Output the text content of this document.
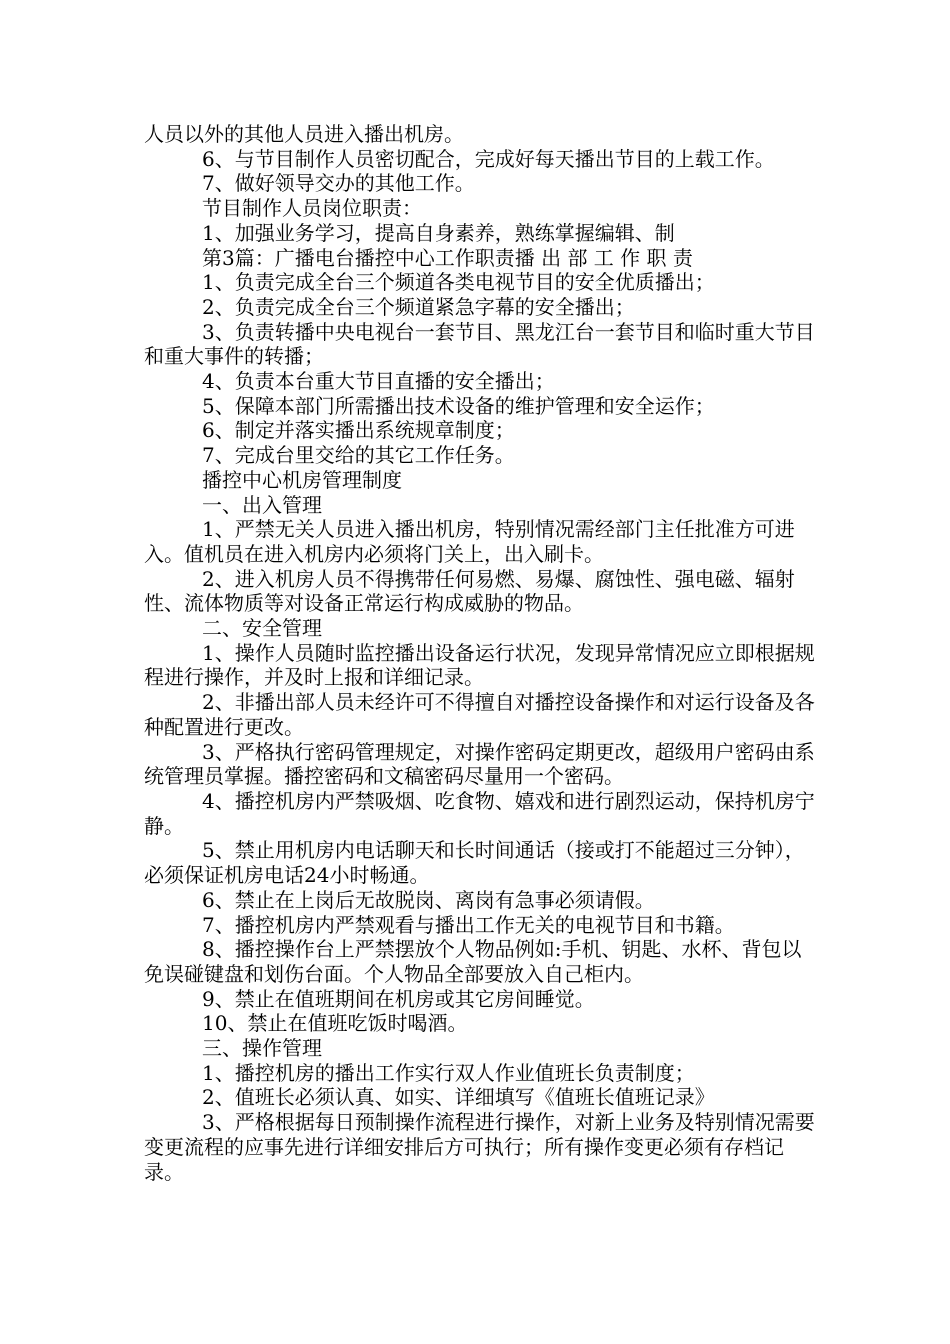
人员以外的其他人员进入播出机房。

6、与节目制作人员密切配合，完成好每天播出节目的上载工作。

7、做好领导交办的其他工作。

节目制作人员岗位职责：

1、加强业务学习，提高自身素养，熟练掌握编辑、制

第3篇：广播电台播控中心工作职责播 出 部 工 作 职 责

1、负责完成全台三个频道各类电视节目的安全优质播出；

2、负责完成全台三个频道紧急字幕的安全播出；

3、负责转播中央电视台一套节目、黑龙江台一套节目和临时重大节目和重大事件的转播；

4、负责本台重大节目直播的安全播出；

5、保障本部门所需播出技术设备的维护管理和安全运作；

6、制定并落实播出系统规章制度；

7、完成台里交给的其它工作任务。

播控中心机房管理制度

一、出入管理

1、严禁无关人员进入播出机房，特别情况需经部门主任批准方可进入。值机员在进入机房内必须将门关上，出入刷卡。

2、进入机房人员不得携带任何易燃、易爆、腐蚀性、强电磁、辐射性、流体物质等对设备正常运行构成威胁的物品。

二、安全管理

1、操作人员随时监控播出设备运行状况，发现异常情况应立即根据规程进行操作，并及时上报和详细记录。

2、非播出部人员未经许可不得擅自对播控设备操作和对运行设备及各种配置进行更改。

3、严格执行密码管理规定，对操作密码定期更改，超级用户密码由系统管理员掌握。播控密码和文稿密码尽量用一个密码。

4、播控机房内严禁吸烟、吃食物、嬉戏和进行剧烈运动，保持机房宁静。

5、禁止用机房内电话聊天和长时间通话（接或打不能超过三分钟），必须保证机房电话24小时畅通。

6、禁止在上岗后无故脱岗、离岗有急事必须请假。

7、播控机房内严禁观看与播出工作无关的电视节目和书籍。

8、播控操作台上严禁摆放个人物品例如:手机、钥匙、水杯、背包以免误碰键盘和划伤台面。个人物品全部要放入自己柜内。

9、禁止在值班期间在机房或其它房间睡觉。

10、禁止在值班吃饭时喝酒。

三、操作管理

1、播控机房的播出工作实行双人作业值班长负责制度；

2、值班长必须认真、如实、详细填写《值班长值班记录》

3、严格根据每日预制操作流程进行操作，对新上业务及特别情况需要变更流程的应事先进行详细安排后方可执行；所有操作变更必须有存档记录。
